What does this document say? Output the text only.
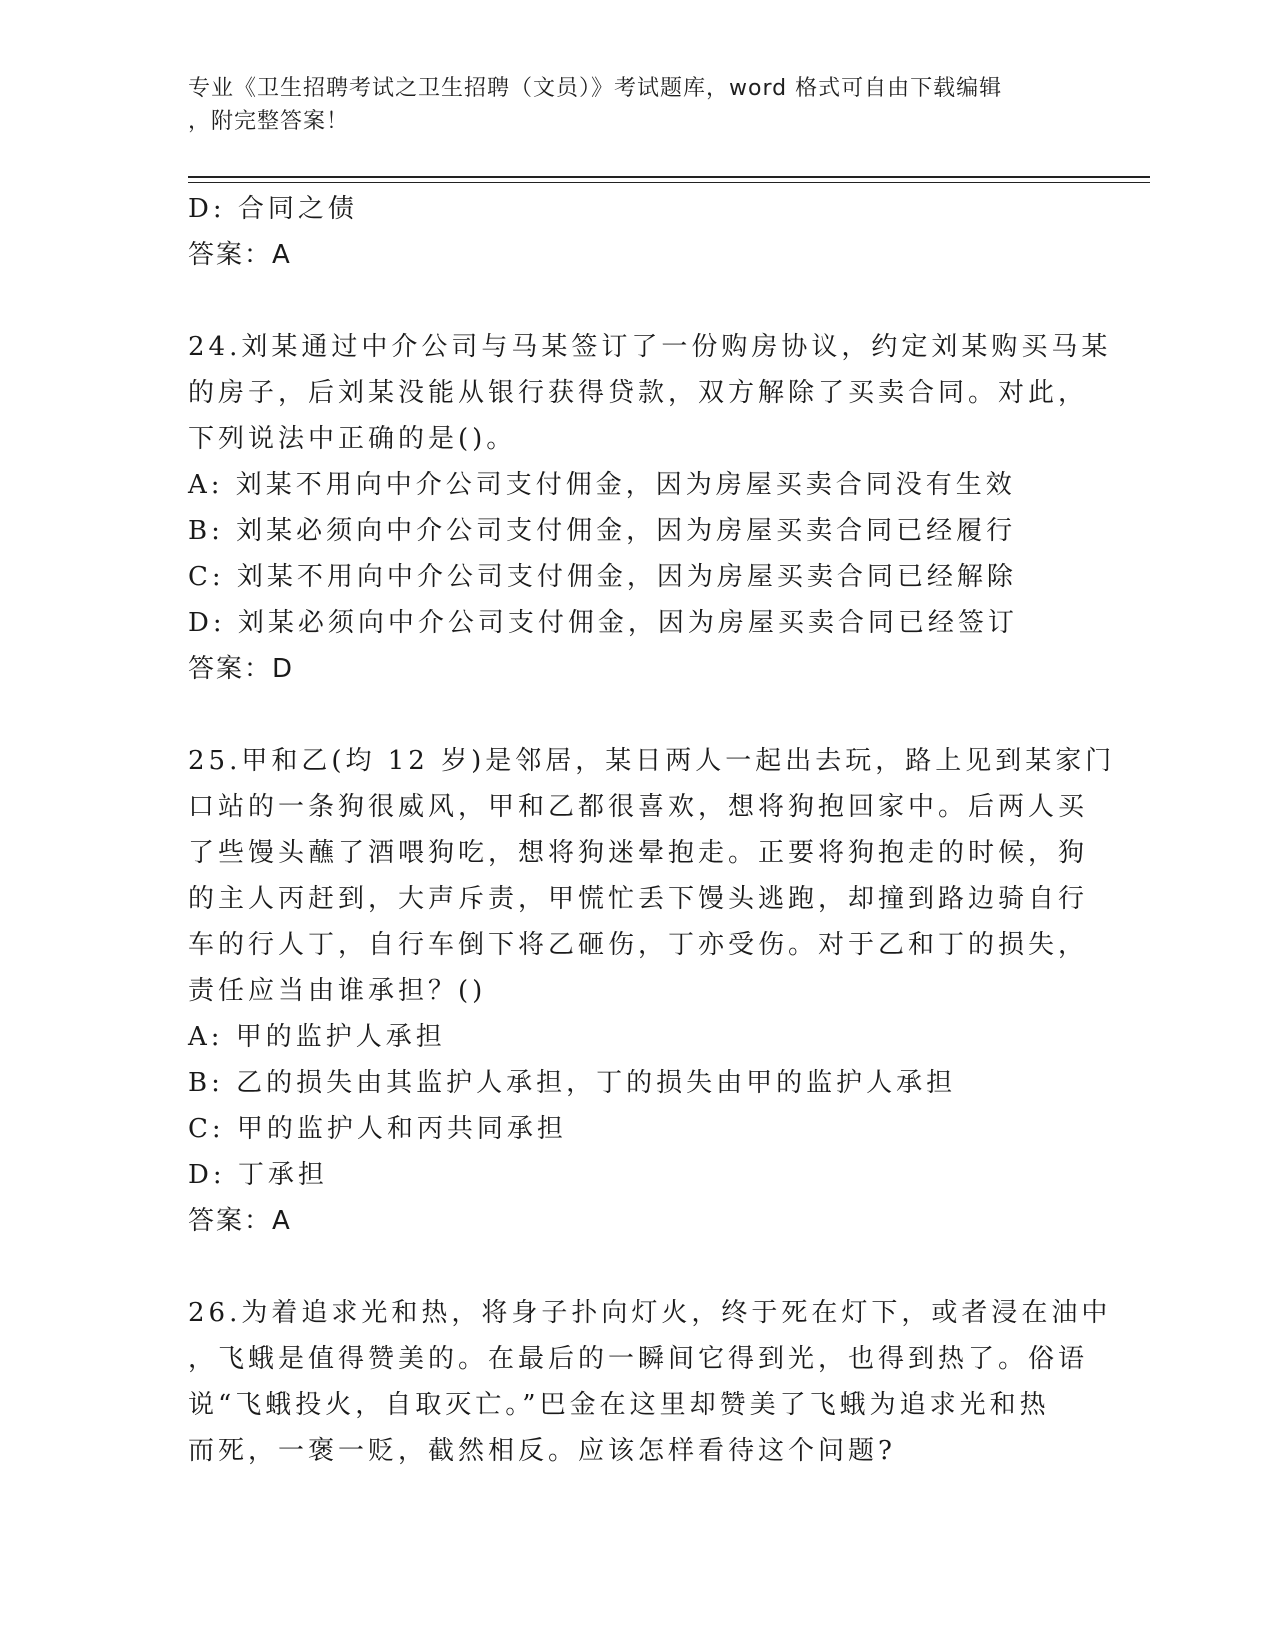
专业《卫生招聘考试之卫生招聘（文员）》考试题库，word 格式可自由下载编辑
，附完整答案！
D: 合同之债
答案：A
24.刘某通过中介公司与马某签订了一份购房协议，约定刘某购买马某
的房子，后刘某没能从银行获得贷款，双方解除了买卖合同。对此，
下列说法中正确的是()。
A: 刘某不用向中介公司支付佣金，因为房屋买卖合同没有生效
B: 刘某必须向中介公司支付佣金，因为房屋买卖合同已经履行
C: 刘某不用向中介公司支付佣金，因为房屋买卖合同已经解除
D: 刘某必须向中介公司支付佣金，因为房屋买卖合同已经签订
答案：D
25.甲和乙(均 12 岁)是邻居，某日两人一起出去玩，路上见到某家门
口站的一条狗很威风，甲和乙都很喜欢，想将狗抱回家中。后两人买
了些馒头蘸了酒喂狗吃，想将狗迷晕抱走。正要将狗抱走的时候，狗
的主人丙赶到，大声斥责，甲慌忙丢下馒头逃跑，却撞到路边骑自行
车的行人丁，自行车倒下将乙砸伤，丁亦受伤。对于乙和丁的损失，
责任应当由谁承担？()
A: 甲的监护人承担
B: 乙的损失由其监护人承担，丁的损失由甲的监护人承担
C: 甲的监护人和丙共同承担
D: 丁承担
答案：A
26.为着追求光和热，将身子扑向灯火，终于死在灯下，或者浸在油中
，飞蛾是值得赞美的。在最后的一瞬间它得到光，也得到热了。俗语
说“飞蛾投火，自取灭亡。”巴金在这里却赞美了飞蛾为追求光和热
而死，一褒一贬，截然相反。应该怎样看待这个问题?
